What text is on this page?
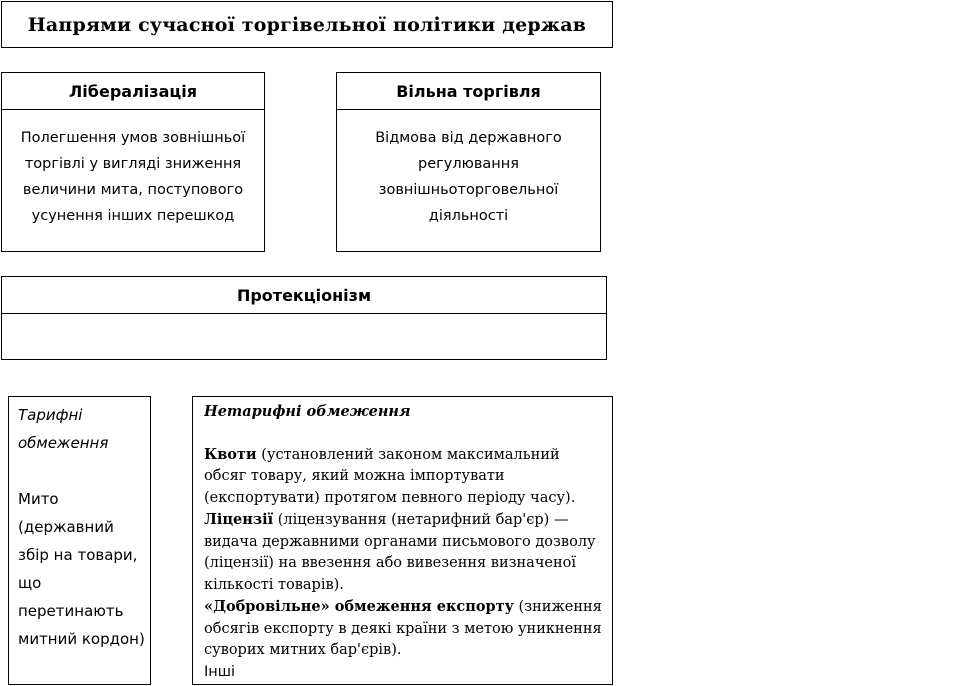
Напрями сучасної торгівельної політики держав
Лібералізація
Полегшення умов зовнішньої торгівлі у вигляді зниження величини мита, поступового усунення інших перешкод
Вільна торгівля
Відмова від державного регулювання зовнішньоторговельної діяльності
Протекціонізм
Тарифні обмеження
Мито (державний збір на товари, що перетинають митний кордон)
Нетарифні обмеження
Квоти (установлений законом максимальний обсяг товару, який можна імпортувати (експортувати) протягом певного періоду часу).
Ліцензії (ліцензування (нетарифний бар'єр) — видача державними органами письмового дозволу (ліцензії) на ввезення або вивезення визначеної кількості товарів).
«Добровільне» обмеження експорту (зниження обсягів експорту в деякі країни з метою уникнення суворих митних бар'єрів).
Інші
